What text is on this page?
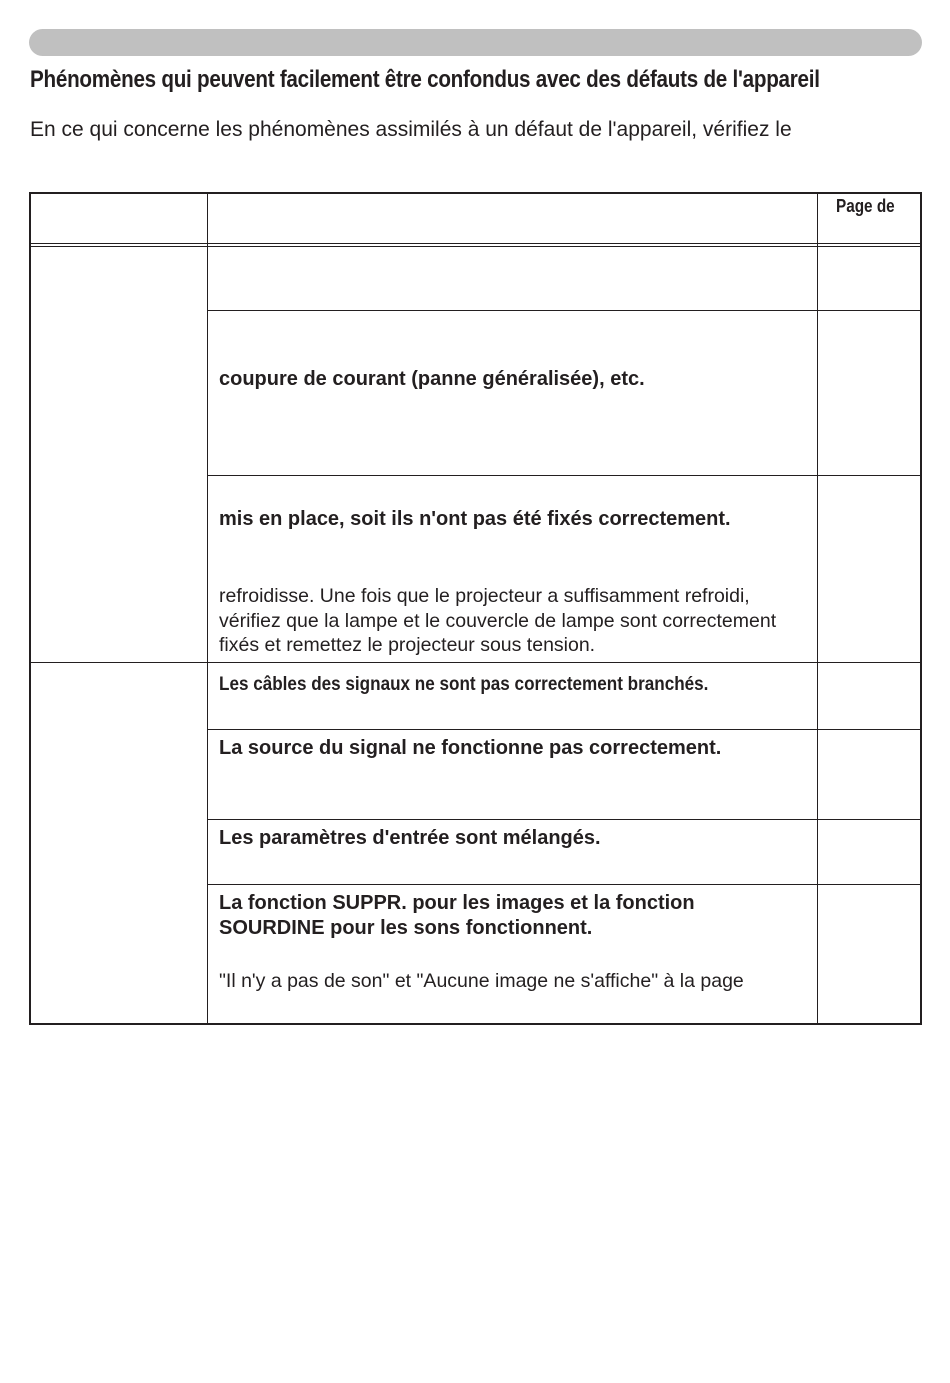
Phénomènes qui peuvent facilement être confondus avec des défauts de l'appareil

En ce qui concerne les phénomènes assimilés à un défaut de l'appareil, vérifiez le

Page de
coupure de courant (panne généralisée), etc.
mis en place, soit ils n'ont pas été fixés correctement.
refroidisse. Une fois que le projecteur a suffisamment refroidi, vérifiez que la lampe et le couvercle de lampe sont correctement fixés et remettez le projecteur sous tension.
Les câbles des signaux ne sont pas correctement branchés.
La source du signal ne fonctionne pas correctement.
Les paramètres d'entrée sont mélangés.
La fonction SUPPR. pour les images et la fonction
SOURDINE pour les sons fonctionnent.
"Il n'y a pas de son" et "Aucune image ne s'affiche" à la page
